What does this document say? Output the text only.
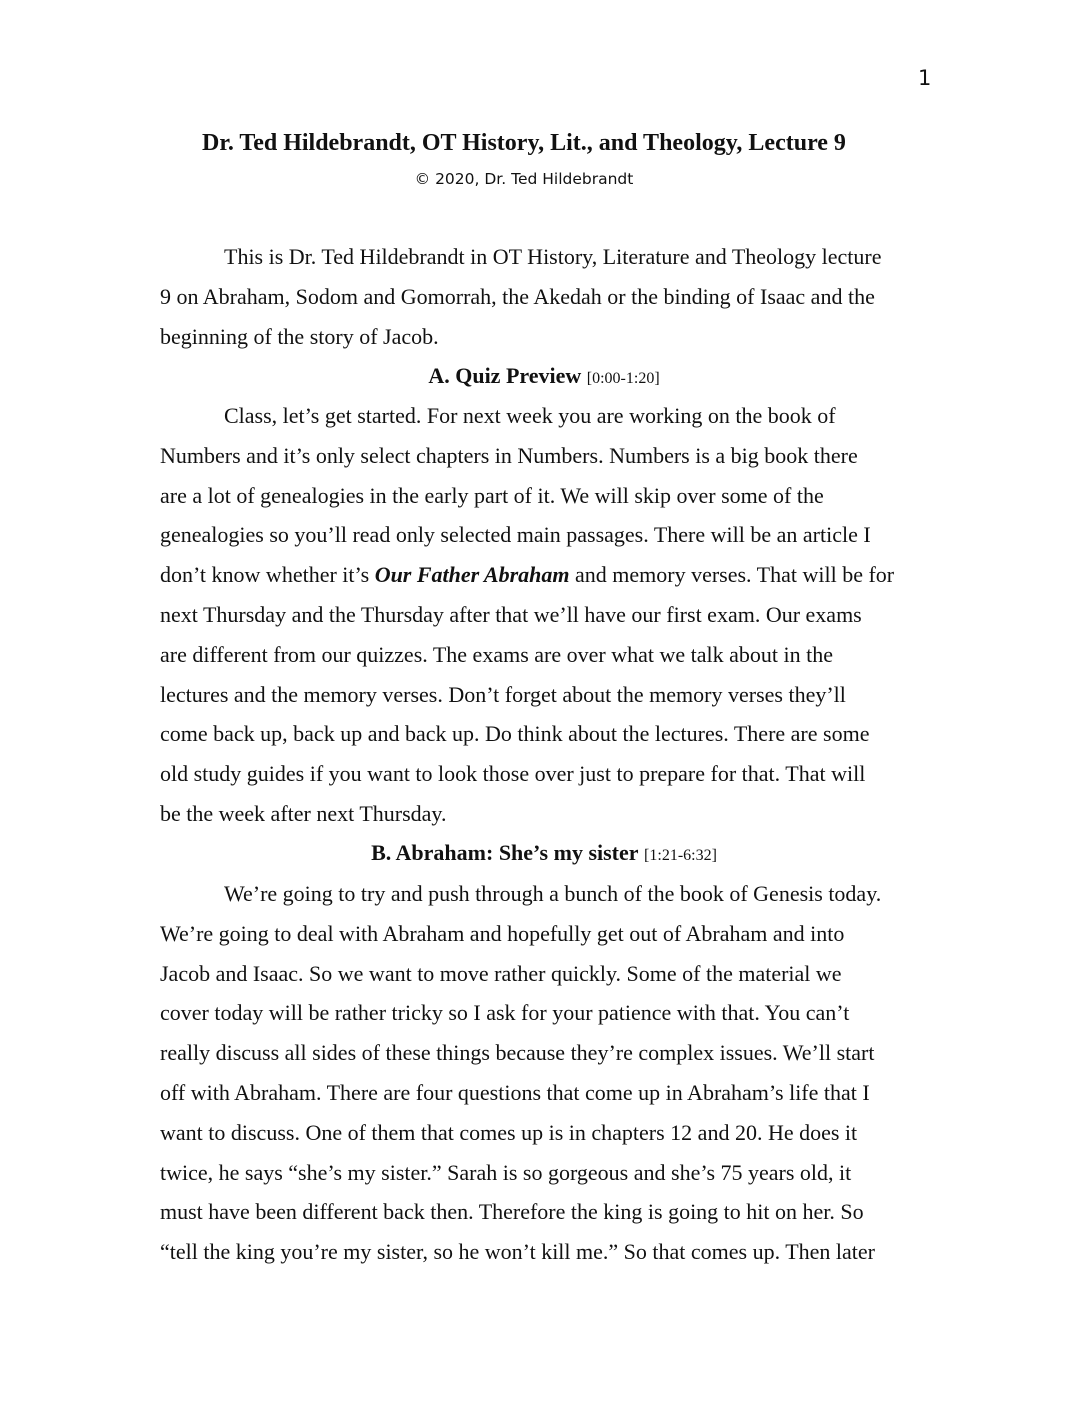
1
Dr. Ted Hildebrandt, OT History, Lit., and Theology, Lecture 9
© 2020, Dr. Ted Hildebrandt
This is Dr. Ted Hildebrandt in OT History, Literature and Theology lecture
9 on Abraham, Sodom and Gomorrah, the Akedah or the binding of Isaac and the
beginning of the story of Jacob.
A. Quiz Preview [0:00-1:20]
Class, let’s get started. For next week you are working on the book of
Numbers and it’s only select chapters in Numbers. Numbers is a big book there
are a lot of genealogies in the early part of it. We will skip over some of the
genealogies so you’ll read only selected main passages. There will be an article I
don’t know whether it’s Our Father Abraham and memory verses. That will be for
next Thursday and the Thursday after that we’ll have our first exam. Our exams
are different from our quizzes. The exams are over what we talk about in the
lectures and the memory verses. Don’t forget about the memory verses they’ll
come back up, back up and back up. Do think about the lectures. There are some
old study guides if you want to look those over just to prepare for that. That will
be the week after next Thursday.
B. Abraham: She’s my sister [1:21-6:32]
We’re going to try and push through a bunch of the book of Genesis today.
We’re going to deal with Abraham and hopefully get out of Abraham and into
Jacob and Isaac. So we want to move rather quickly. Some of the material we
cover today will be rather tricky so I ask for your patience with that. You can’t
really discuss all sides of these things because they’re complex issues. We’ll start
off with Abraham. There are four questions that come up in Abraham’s life that I
want to discuss. One of them that comes up is in chapters 12 and 20. He does it
twice, he says “she’s my sister.” Sarah is so gorgeous and she’s 75 years old, it
must have been different back then. Therefore the king is going to hit on her. So
“tell the king you’re my sister, so he won’t kill me.” So that comes up. Then later
